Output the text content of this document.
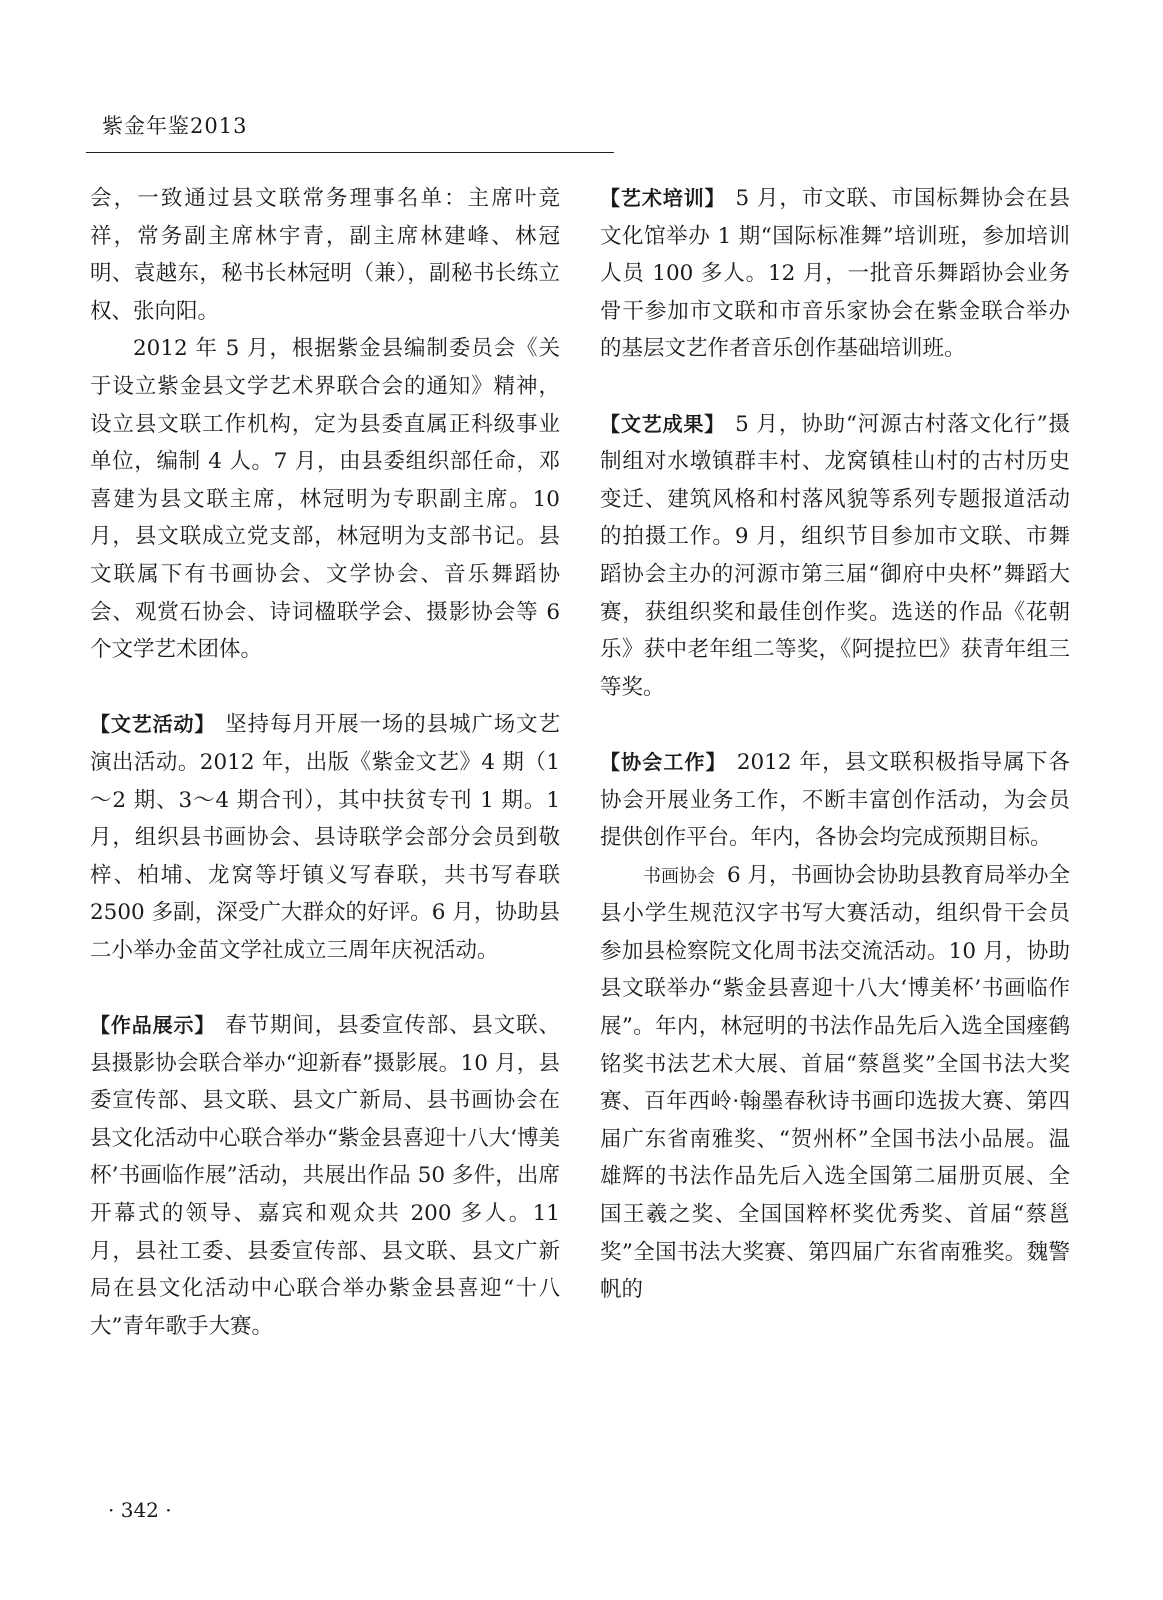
紫金年鉴2013

会，一致通过县文联常务理事名单：主席叶竞祥，常务副主席林宇青，副主席林建峰、林冠明、袁越东，秘书长林冠明（兼），副秘书长练立权、张向阳。

2012 年 5 月，根据紫金县编制委员会《关于设立紫金县文学艺术界联合会的通知》精神，设立县文联工作机构，定为县委直属正科级事业单位，编制 4 人。7 月，由县委组织部任命，邓喜建为县文联主席，林冠明为专职副主席。10 月，县文联成立党支部，林冠明为支部书记。县文联属下有书画协会、文学协会、音乐舞蹈协会、观赏石协会、诗词楹联学会、摄影协会等 6 个文学艺术团体。

【文艺活动】 坚持每月开展一场的县城广场文艺演出活动。2012 年，出版《紫金文艺》4 期（1～2 期、3～4 期合刊），其中扶贫专刊 1 期。1 月，组织县书画协会、县诗联学会部分会员到敬梓、柏埔、龙窝等圩镇义写春联，共书写春联 2500 多副，深受广大群众的好评。6 月，协助县二小举办金苗文学社成立三周年庆祝活动。

【作品展示】 春节期间，县委宣传部、县文联、县摄影协会联合举办“迎新春”摄影展。10 月，县委宣传部、县文联、县文广新局、县书画协会在县文化活动中心联合举办“紫金县喜迎十八大‘博美杯’书画临作展”活动，共展出作品 50 多件，出席开幕式的领导、嘉宾和观众共 200 多人。11 月，县社工委、县委宣传部、县文联、县文广新局在县文化活动中心联合举办紫金县喜迎“十八大”青年歌手大赛。

【艺术培训】 5 月，市文联、市国标舞协会在县文化馆举办 1 期“国际标准舞”培训班，参加培训人员 100 多人。12 月，一批音乐舞蹈协会业务骨干参加市文联和市音乐家协会在紫金联合举办的基层文艺作者音乐创作基础培训班。

【文艺成果】 5 月，协助“河源古村落文化行”摄制组对水墩镇群丰村、龙窝镇桂山村的古村历史变迁、建筑风格和村落风貌等系列专题报道活动的拍摄工作。9 月，组织节目参加市文联、市舞蹈协会主办的河源市第三届“御府中央杯”舞蹈大赛，获组织奖和最佳创作奖。选送的作品《花朝乐》获中老年组二等奖，《阿提拉巴》获青年组三等奖。

【协会工作】 2012 年，县文联积极指导属下各协会开展业务工作，不断丰富创作活动，为会员提供创作平台。年内，各协会均完成预期目标。

书画协会 6 月，书画协会协助县教育局举办全县小学生规范汉字书写大赛活动，组织骨干会员参加县检察院文化周书法交流活动。10 月，协助县文联举办“紫金县喜迎十八大‘博美杯’书画临作展”。年内，林冠明的书法作品先后入选全国瘗鹤铭奖书法艺术大展、首届“蔡邕奖”全国书法大奖赛、百年西岭·翰墨春秋诗书画印选拔大赛、第四届广东省南雅奖、“贺州杯”全国书法小品展。温雄辉的书法作品先后入选全国第二届册页展、全国王羲之奖、全国国粹杯奖优秀奖、首届“蔡邕奖”全国书法大奖赛、第四届广东省南雅奖。魏警帆的

· 342 ·
